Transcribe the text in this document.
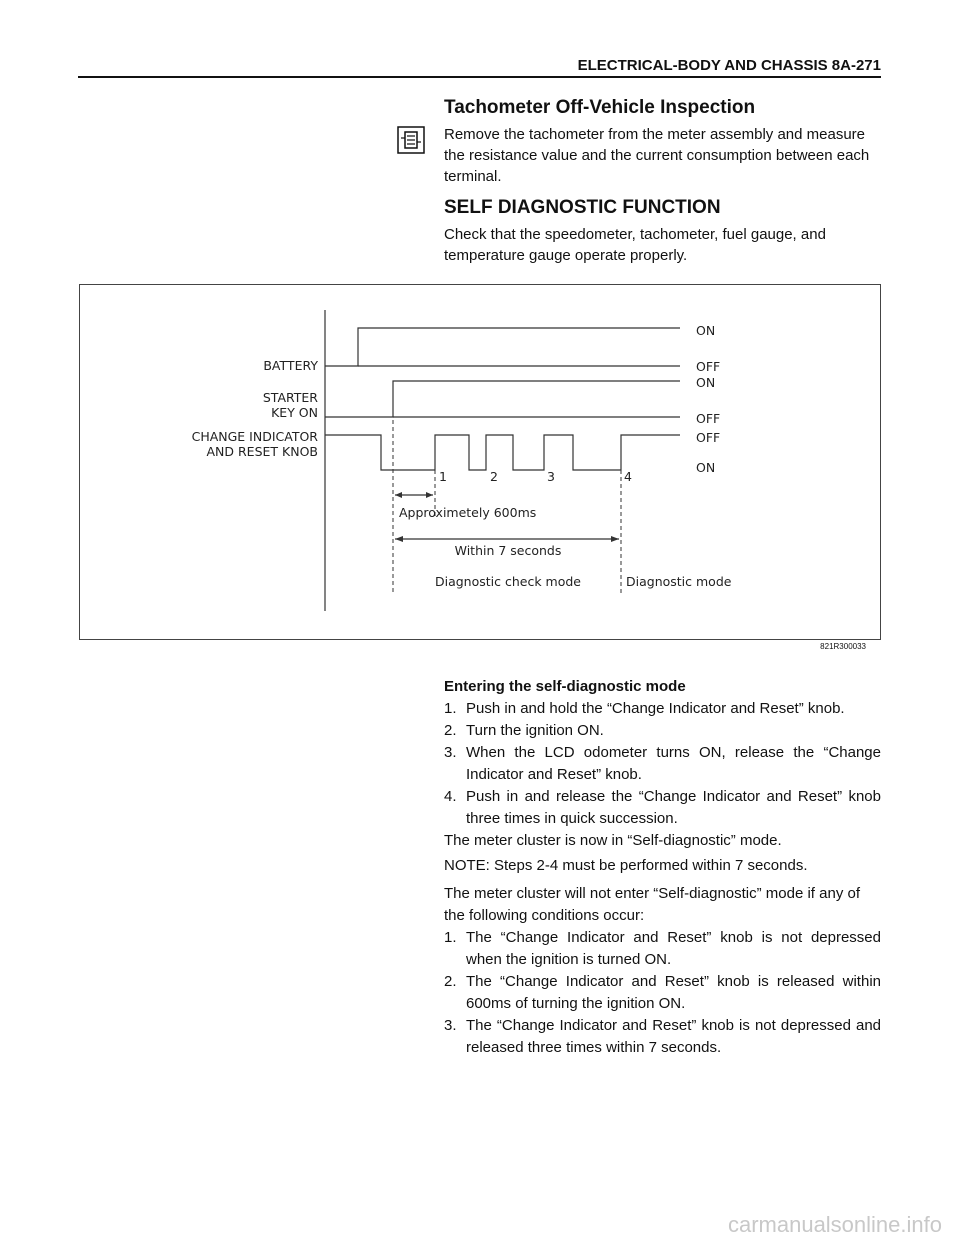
ELECTRICAL-BODY AND CHASSIS 8A-271
Tachometer Off-Vehicle Inspection
Remove the tachometer from the meter assembly and measure the resistance value and the current consumption between each terminal.
SELF DIAGNOSTIC FUNCTION
Check that the speedometer, tachometer, fuel gauge, and temperature gauge operate properly.
BATTERY
STARTER
KEY ON
CHANGE INDICATOR
AND RESET KNOB
ON
OFF
ON
OFF
OFF
ON
1	2	3	4
Approximetely 600ms
Within 7 seconds
Diagnostic check mode	Diagnostic mode
821R300033
Entering the self-diagnostic mode
1. Push in and hold the “Change Indicator and Reset” knob.
2. Turn the ignition ON.
3. When the LCD odometer turns ON, release the “Change Indicator and Reset” knob.
4. Push in and release the “Change Indicator and Reset” knob three times in quick succession.
The meter cluster is now in “Self-diagnostic” mode.
NOTE: Steps 2-4 must be performed within 7 seconds.
The meter cluster will not enter “Self-diagnostic” mode if any of the following conditions occur:
1. The “Change Indicator and Reset” knob is not depressed when the ignition is turned ON.
2. The “Change Indicator and Reset” knob is released within 600ms of turning the ignition ON.
3. The “Change Indicator and Reset” knob is not depressed and released three times within 7 seconds.
carmanualsonline.info
